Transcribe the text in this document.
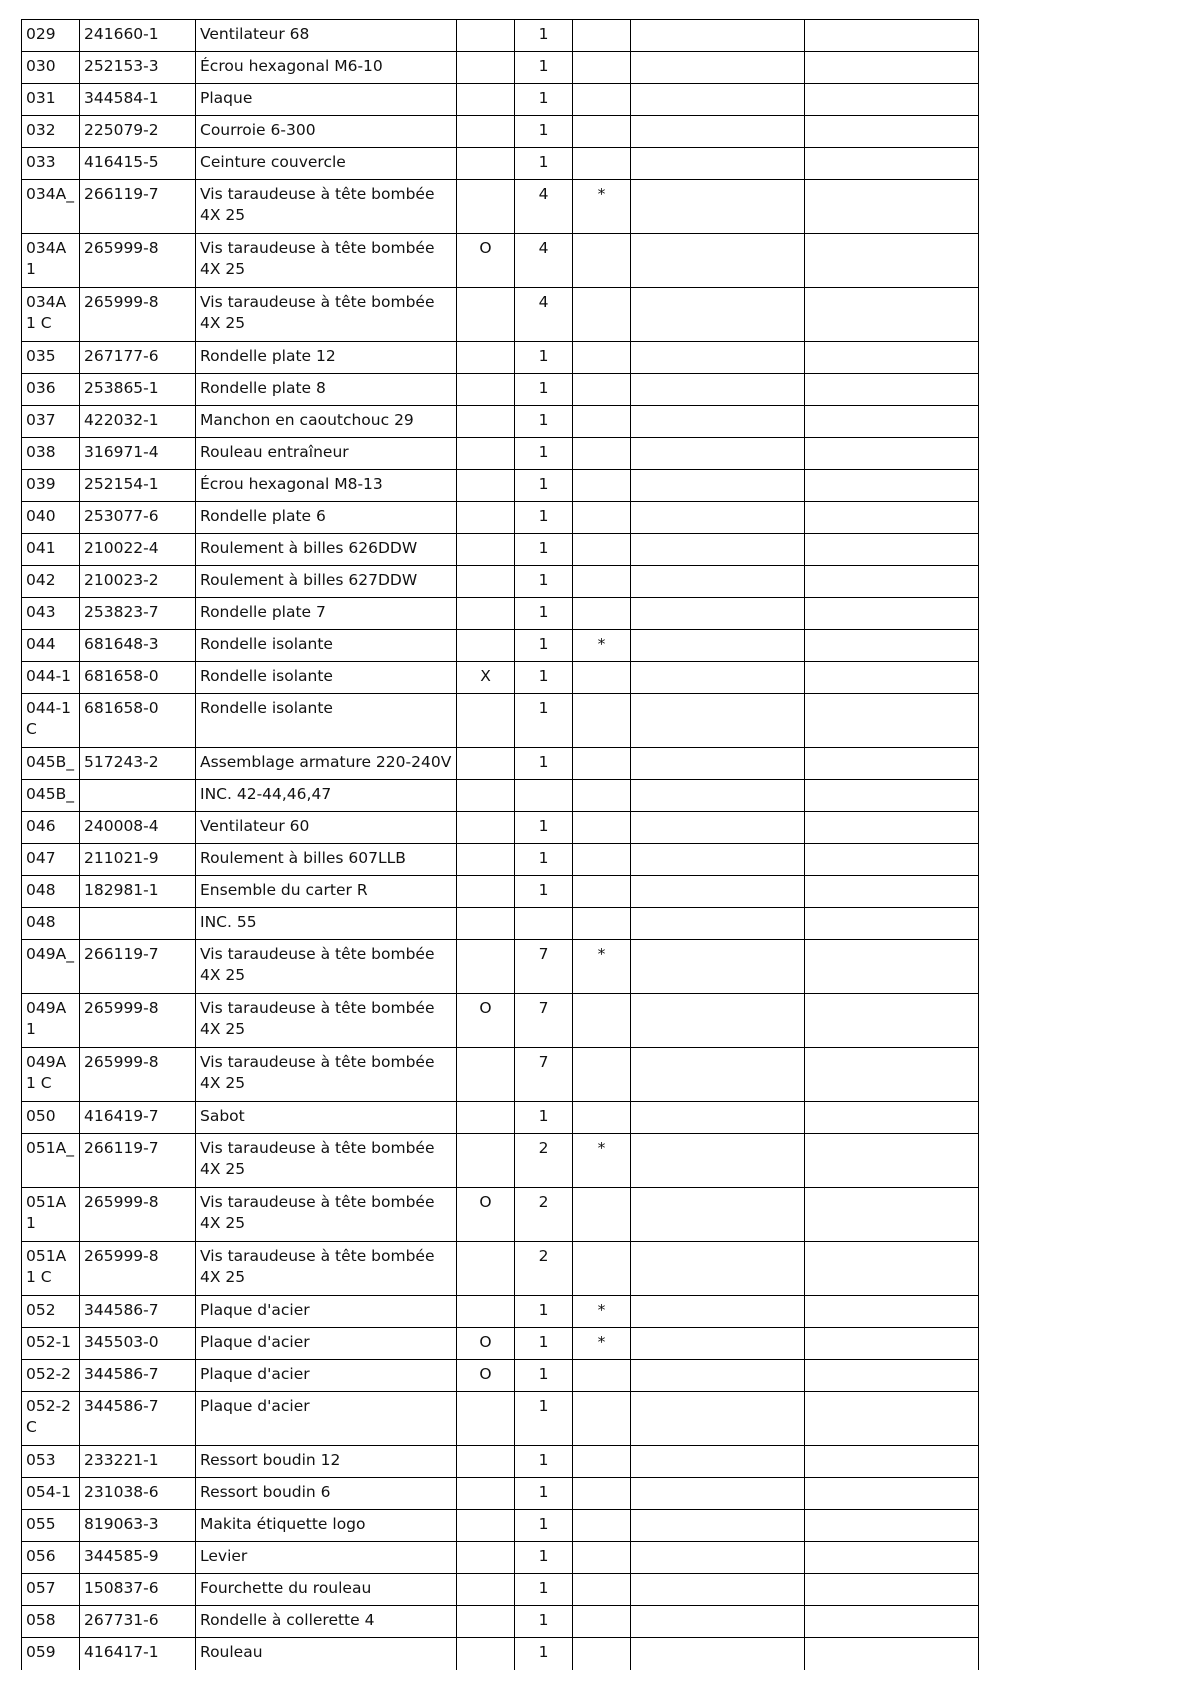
029	241660-1	Ventilateur 68		1			
030	252153-3	Écrou hexagonal M6-10		1			
031	344584-1	Plaque		1			
032	225079-2	Courroie 6-300		1			
033	416415-5	Ceinture couvercle		1			
034A_	266119-7	Vis taraudeuse à tête bombée 4X 25		4	*		
034A1	265999-8	Vis taraudeuse à tête bombée 4X 25	O	4			
034A1 C	265999-8	Vis taraudeuse à tête bombée 4X 25		4			
035	267177-6	Rondelle plate 12		1			
036	253865-1	Rondelle plate 8		1			
037	422032-1	Manchon en caoutchouc 29		1			
038	316971-4	Rouleau entraîneur		1			
039	252154-1	Écrou hexagonal M8-13		1			
040	253077-6	Rondelle plate 6		1			
041	210022-4	Roulement à billes 626DDW		1			
042	210023-2	Roulement à billes 627DDW		1			
043	253823-7	Rondelle plate 7		1			
044	681648-3	Rondelle isolante		1	*		
044-1	681658-0	Rondelle isolante	X	1			
044-1 C	681658-0	Rondelle isolante		1			
045B_	517243-2	Assemblage armature 220-240V		1			
045B_		INC. 42-44,46,47					
046	240008-4	Ventilateur 60		1			
047	211021-9	Roulement à billes 607LLB		1			
048	182981-1	Ensemble du carter R		1			
048		INC. 55					
049A_	266119-7	Vis taraudeuse à tête bombée 4X 25		7	*		
049A1	265999-8	Vis taraudeuse à tête bombée 4X 25	O	7			
049A1 C	265999-8	Vis taraudeuse à tête bombée 4X 25		7			
050	416419-7	Sabot		1			
051A_	266119-7	Vis taraudeuse à tête bombée 4X 25		2	*		
051A1	265999-8	Vis taraudeuse à tête bombée 4X 25	O	2			
051A1 C	265999-8	Vis taraudeuse à tête bombée 4X 25		2			
052	344586-7	Plaque d'acier		1	*		
052-1	345503-0	Plaque d'acier	O	1	*		
052-2	344586-7	Plaque d'acier	O	1			
052-2 C	344586-7	Plaque d'acier		1			
053	233221-1	Ressort boudin 12		1			
054-1	231038-6	Ressort boudin 6		1			
055	819063-3	Makita étiquette logo		1			
056	344585-9	Levier		1			
057	150837-6	Fourchette du rouleau		1			
058	267731-6	Rondelle à collerette 4		1			
059	416417-1	Rouleau		1			
